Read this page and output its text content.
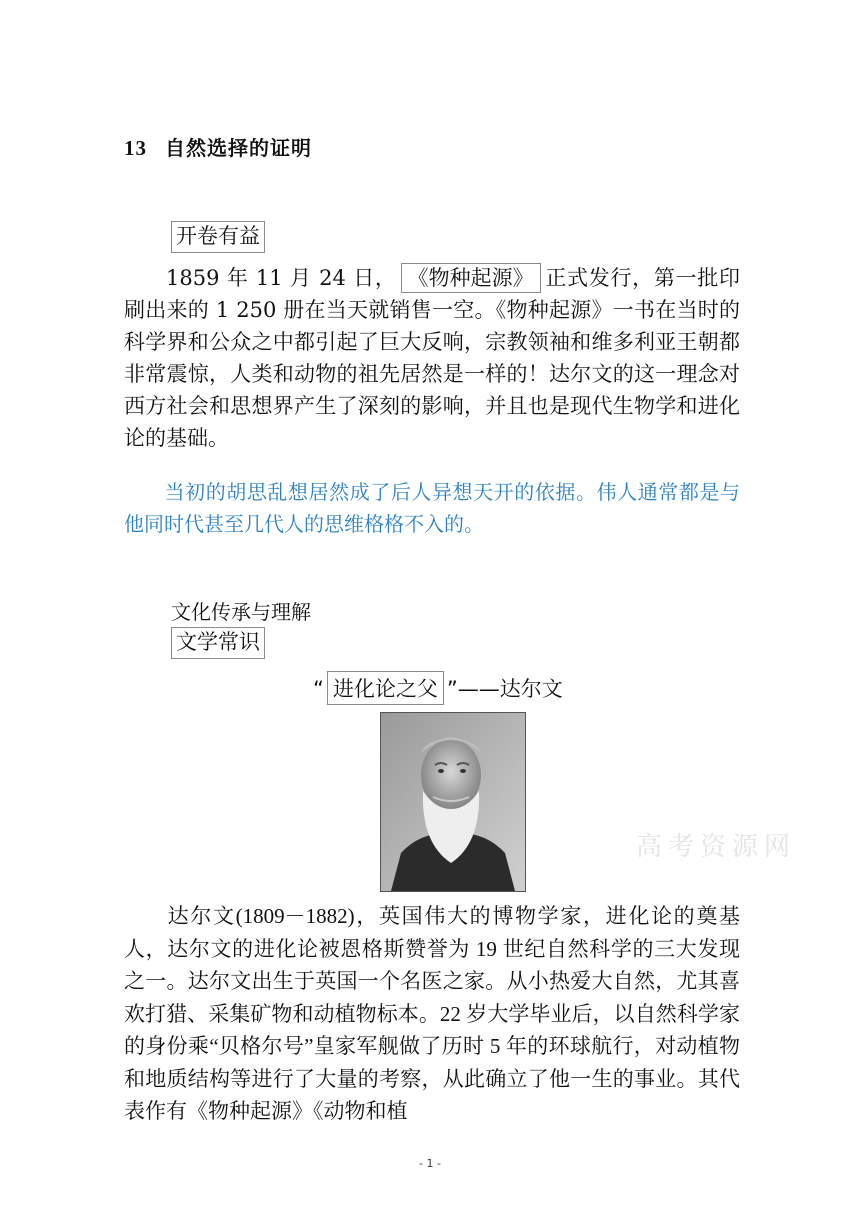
13 自然选择的证明
开卷有益

  1859 年 11 月 24 日， 《物种起源》 正式发行，第一批印刷出来的 1 250 册在当天就销售一空。《物种起源》一书在当时的科学界和公众之中都引起了巨大反响，宗教领袖和维多利亚王朝都非常震惊，人类和动物的祖先居然是一样的！达尔文的这一理念对西方社会和思想界产生了深刻的影响，并且也是现代生物学和进化论的基础。

  当初的胡思乱想居然成了后人异想天开的依据。伟人通常都是与他同时代甚至几代人的思维格格不入的。

文化传承与理解
文学常识
“ 进化论之父 ”——达尔文
高考资源网

  达尔文(1809－1882)，英国伟大的博物学家，进化论的奠基人，达尔文的进化论被恩格斯赞誉为 19 世纪自然科学的三大发现之一。达尔文出生于英国一个名医之家。从小热爱大自然，尤其喜欢打猎、采集矿物和动植物标本。22 岁大学毕业后，以自然科学家的身份乘“贝格尔号”皇家军舰做了历时 5 年的环球航行，对动植物和地质结构等进行了大量的考察，从此确立了他一生的事业。其代表作有《物种起源》《动物和植

- 1 -
